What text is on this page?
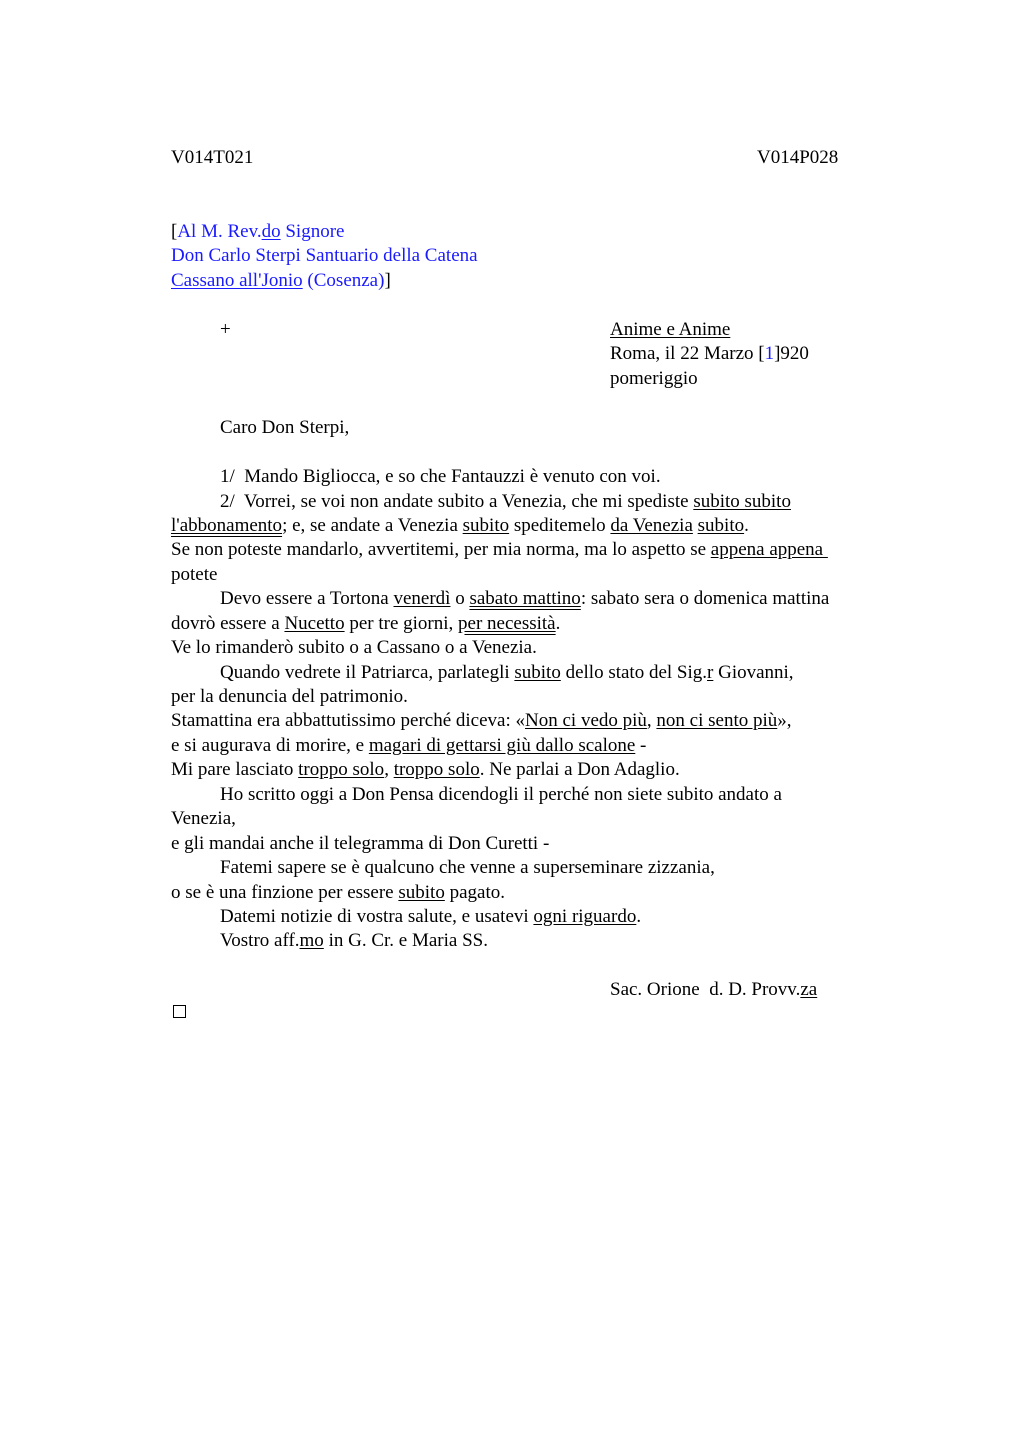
V014T021	V014P028
[Al M. Rev.do Signore
Don Carlo Sterpi Santuario della Catena
Cassano all'Jonio (Cosenza)]
+	Anime e Anime
Roma, il 22 Marzo [1]920
pomeriggio
Caro Don Sterpi,
1/  Mando Bigliocca, e so che Fantauzzi è venuto con voi.
2/  Vorrei, se voi non andate subito a Venezia, che mi spediste subito subito
l'abbonamento; e, se andate a Venezia subito speditemelo da Venezia subito.
Se non poteste mandarlo, avvertitemi, per mia norma, ma lo aspetto se appena appena
potete
Devo essere a Tortona venerdì o sabato mattino: sabato sera o domenica mattina
dovrò essere a Nucetto per tre giorni, per necessità.
Ve lo rimanderò subito o a Cassano o a Venezia.
Quando vedrete il Patriarca, parlategli subito dello stato del Sig.r Giovanni,
per la denuncia del patrimonio.
Stamattina era abbattutissimo perché diceva: «Non ci vedo più, non ci sento più»,
e si augurava di morire, e magari di gettarsi giù dallo scalone -
Mi pare lasciato troppo solo, troppo solo. Ne parlai a Don Adaglio.
Ho scritto oggi a Don Pensa dicendogli il perché non siete subito andato a
Venezia,
e gli mandai anche il telegramma di Don Curetti -
Fatemi sapere se è qualcuno che venne a superseminare zizzania,
o se è una finzione per essere subito pagato.
Datemi notizie di vostra salute, e usatevi ogni riguardo.
Vostro aff.mo in G. Cr. e Maria SS.
Sac. Orione  d. D. Provv.za
